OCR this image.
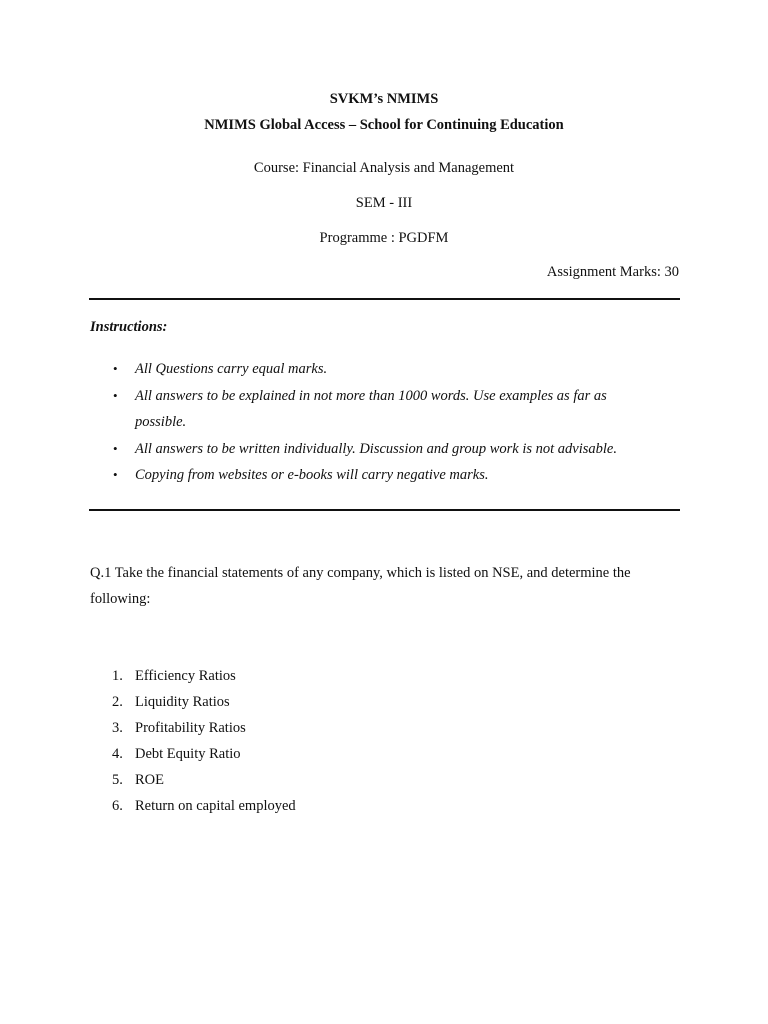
SVKM’s NMIMS
NMIMS Global Access – School for Continuing Education
Course: Financial Analysis and Management
SEM - III
Programme : PGDFM
Assignment Marks: 30
Instructions:
• All Questions carry equal marks.
• All answers to be explained in not more than 1000 words. Use examples as far as possible.
• All answers to be written individually. Discussion and group work is not advisable.
• Copying from websites or e-books will carry negative marks.
Q.1 Take the financial statements of any company, which is listed on NSE, and determine the following:
1. Efficiency Ratios
2. Liquidity Ratios
3. Profitability Ratios
4. Debt Equity Ratio
5. ROE
6. Return on capital employed
